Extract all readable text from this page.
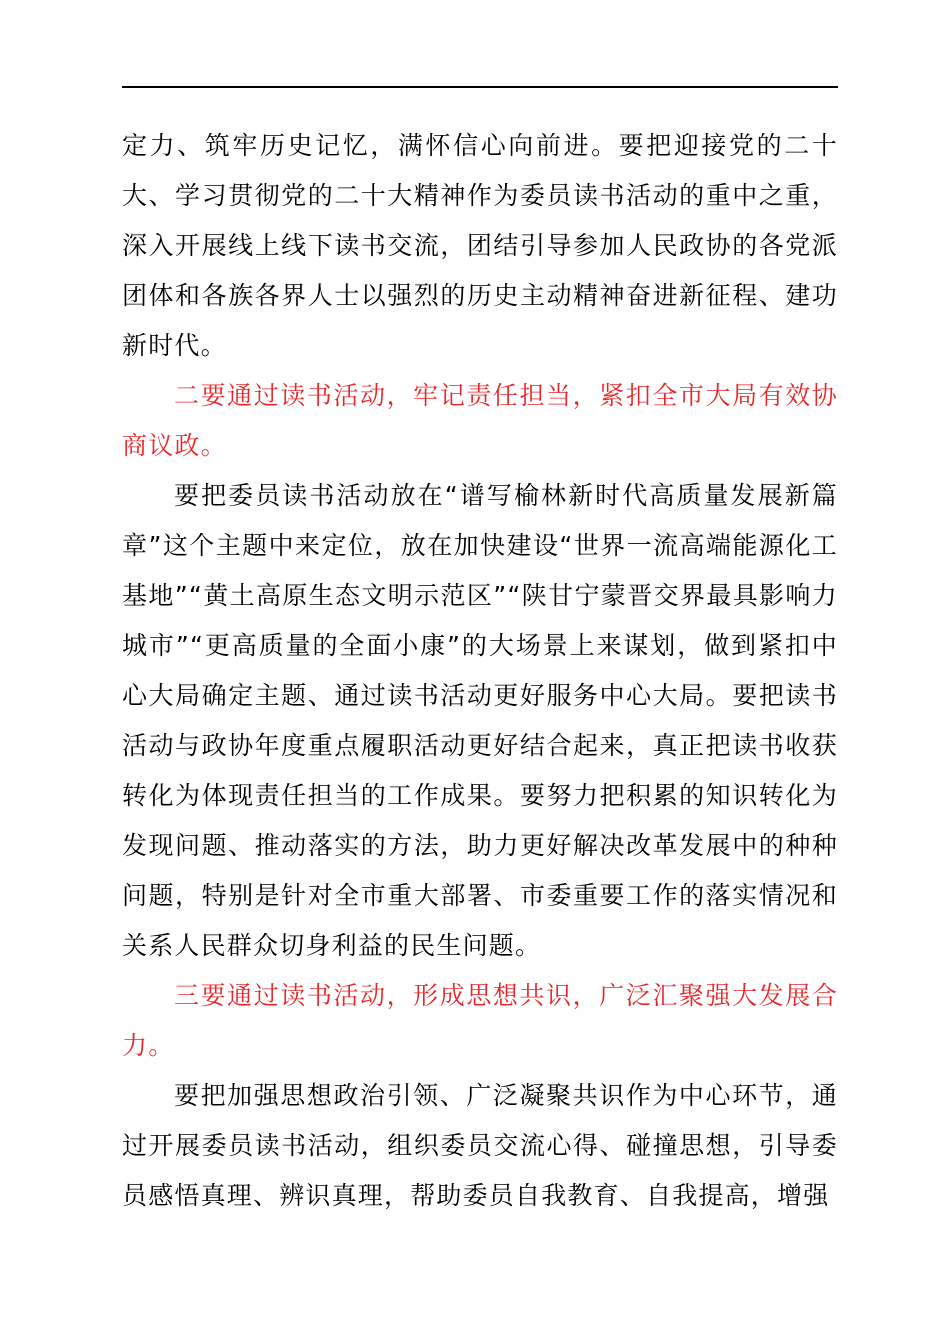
定力、筑牢历史记忆，满怀信心向前进。要把迎接党的二十大、学习贯彻党的二十大精神作为委员读书活动的重中之重，深入开展线上线下读书交流，团结引导参加人民政协的各党派团体和各族各界人士以强烈的历史主动精神奋进新征程、建功新时代。

二要通过读书活动，牢记责任担当，紧扣全市大局有效协商议政。

要把委员读书活动放在“谱写榆林新时代高质量发展新篇章”这个主题中来定位，放在加快建设“世界一流高端能源化工基地”“黄土高原生态文明示范区”“陕甘宁蒙晋交界最具影响力城市”“更高质量的全面小康”的大场景上来谋划，做到紧扣中心大局确定主题、通过读书活动更好服务中心大局。要把读书活动与政协年度重点履职活动更好结合起来，真正把读书收获转化为体现责任担当的工作成果。要努力把积累的知识转化为发现问题、推动落实的方法，助力更好解决改革发展中的种种问题，特别是针对全市重大部署、市委重要工作的落实情况和关系人民群众切身利益的民生问题。

三要通过读书活动，形成思想共识，广泛汇聚强大发展合力。

要把加强思想政治引领、广泛凝聚共识作为中心环节，通过开展委员读书活动，组织委员交流心得、碰撞思想，引导委员感悟真理、辨识真理，帮助委员自我教育、自我提高，增强
